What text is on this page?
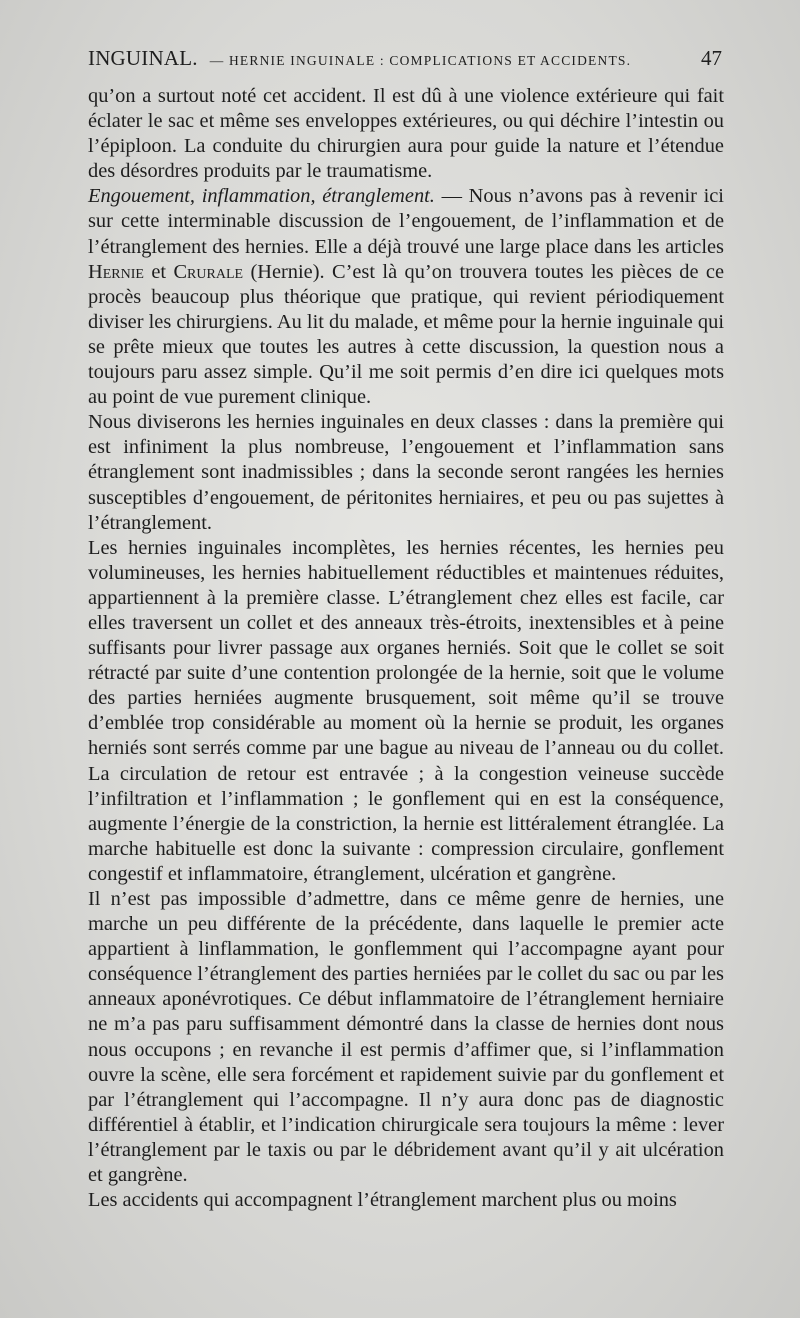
INGUINAL. — HERNIE INGUINALE : COMPLICATIONS ET ACCIDENTS.	47

qu’on a surtout noté cet accident. Il est dû à une violence extérieure qui fait éclater le sac et même ses enveloppes extérieures, ou qui déchire l’intestin ou l’épiploon. La conduite du chirurgien aura pour guide la nature et l’étendue des désordres produits par le traumatisme.

Engouement, inflammation, étranglement. — Nous n’avons pas à revenir ici sur cette interminable discussion de l’engouement, de l’inflammation et de l’étranglement des hernies. Elle a déjà trouvé une large place dans les articles Hernie et Crurale (Hernie). C’est là qu’on trouvera toutes les pièces de ce procès beaucoup plus théorique que pratique, qui revient périodiquement diviser les chirurgiens. Au lit du malade, et même pour la hernie inguinale qui se prête mieux que toutes les autres à cette discussion, la question nous a toujours paru assez simple. Qu’il me soit permis d’en dire ici quelques mots au point de vue purement clinique.

Nous diviserons les hernies inguinales en deux classes : dans la première qui est infiniment la plus nombreuse, l’engouement et l’inflammation sans étranglement sont inadmissibles ; dans la seconde seront rangées les hernies susceptibles d’engouement, de péritonites herniaires, et peu ou pas sujettes à l’étranglement.

Les hernies inguinales incomplètes, les hernies récentes, les hernies peu volumineuses, les hernies habituellement réductibles et maintenues réduites, appartiennent à la première classe. L’étranglement chez elles est facile, car elles traversent un collet et des anneaux très-étroits, inextensibles et à peine suffisants pour livrer passage aux organes herniés. Soit que le collet se soit rétracté par suite d’une contention prolongée de la hernie, soit que le volume des parties herniées augmente brusquement, soit même qu’il se trouve d’emblée trop considérable au moment où la hernie se produit, les organes herniés sont serrés comme par une bague au niveau de l’anneau ou du collet. La circulation de retour est entravée ; à la congestion veineuse succède l’infiltration et l’inflammation ; le gonflement qui en est la conséquence, augmente l’énergie de la constriction, la hernie est littéralement étranglée. La marche habituelle est donc la suivante : compression circulaire, gonflement congestif et inflammatoire, étranglement, ulcération et gangrène.

Il n’est pas impossible d’admettre, dans ce même genre de hernies, une marche un peu différente de la précédente, dans laquelle le premier acte appartient à linflammation, le gonflemment qui l’accompagne ayant pour conséquence l’étranglement des parties herniées par le collet du sac ou par les anneaux aponévrotiques. Ce début inflammatoire de l’étranglement herniaire ne m’a pas paru suffisamment démontré dans la classe de hernies dont nous nous occupons ; en revanche il est permis d’affimer que, si l’inflammation ouvre la scène, elle sera forcément et rapidement suivie par du gonflement et par l’étranglement qui l’accompagne. Il n’y aura donc pas de diagnostic différentiel à établir, et l’indication chirurgicale sera toujours la même : lever l’étranglement par le taxis ou par le débridement avant qu’il y ait ulcération et gangrène.

Les accidents qui accompagnent l’étranglement marchent plus ou moins
